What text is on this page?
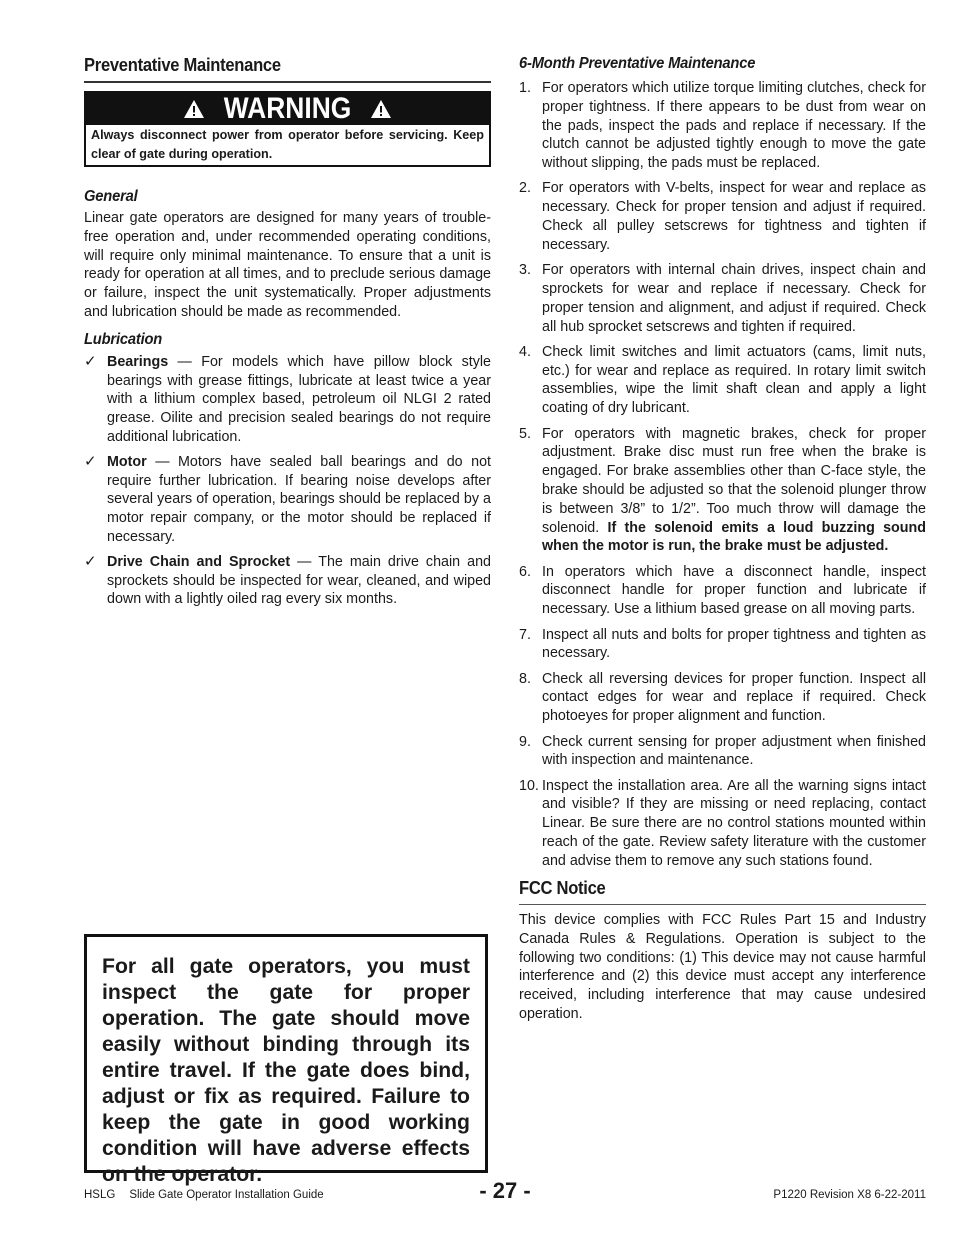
Preventative Maintenance
WARNING
Always disconnect power from operator before servicing. Keep clear of gate during operation.
General

Linear gate operators are designed for many years of trouble-free operation and, under recommended operating conditions, will require only minimal maintenance. To ensure that a unit is ready for operation at all times, and to preclude serious damage or failure, inspect the unit systematically. Proper adjustments and lubrication should be made as recommended.

Lubrication
✓ Bearings — For models which have pillow block style bearings with grease fittings, lubricate at least twice a year with a lithium complex based, petroleum oil NLGI 2 rated grease. Oilite and precision sealed bearings do not require additional lubrication.
✓ Motor — Motors have sealed ball bearings and do not require further lubrication. If bearing noise develops after several years of operation, bearings should be replaced by a motor repair company, or the motor should be replaced if necessary.
✓ Drive Chain and Sprocket — The main drive chain and sprockets should be inspected for wear, cleaned, and wiped down with a lightly oiled rag every six months.

For all gate operators, you must inspect the gate for proper operation. The gate should move easily without binding through its entire travel. If the gate does bind, adjust or fix as required. Failure to keep the gate in good working condition will have adverse effects on the operator.

6-Month Preventative Maintenance
1. For operators which utilize torque limiting clutches, check for proper tightness. If there appears to be dust from wear on the pads, inspect the pads and replace if necessary. If the clutch cannot be adjusted tightly enough to move the gate without slipping, the pads must be replaced.
2. For operators with V-belts, inspect for wear and replace as necessary. Check for proper tension and adjust if required. Check all pulley setscrews for tightness and tighten if necessary.
3. For operators with internal chain drives, inspect chain and sprockets for wear and replace if necessary. Check for proper tension and alignment, and adjust if required. Check all hub sprocket setscrews and tighten if required.
4. Check limit switches and limit actuators (cams, limit nuts, etc.) for wear and replace as required. In rotary limit switch assemblies, wipe the limit shaft clean and apply a light coating of dry lubricant.
5. For operators with magnetic brakes, check for proper adjustment. Brake disc must run free when the brake is engaged. For brake assemblies other than C-face style, the brake should be adjusted so that the solenoid plunger throw is between 3/8” to 1/2”. Too much throw will damage the solenoid. If the solenoid emits a loud buzzing sound when the motor is run, the brake must be adjusted.
6. In operators which have a disconnect handle, inspect disconnect handle for proper function and lubricate if necessary. Use a lithium based grease on all moving parts.
7. Inspect all nuts and bolts for proper tightness and tighten as necessary.
8. Check all reversing devices for proper function. Inspect all contact edges for wear and replace if required. Check photoeyes for proper alignment and function.
9. Check current sensing for proper adjustment when finished with inspection and maintenance.
10. Inspect the installation area. Are all the warning signs intact and visible? If they are missing or need replacing, contact Linear. Be sure there are no control stations mounted within reach of the gate. Review safety literature with the customer and advise them to remove any such stations found.
FCC Notice

This device complies with FCC Rules Part 15 and Industry Canada Rules & Regulations. Operation is subject to the following two conditions: (1) This device may not cause harmful interference and (2) this device must accept any interference received, including interference that may cause undesired operation.

HSLG Slide Gate Operator Installation Guide	- 27 -	P1220 Revision X8 6-22-2011
